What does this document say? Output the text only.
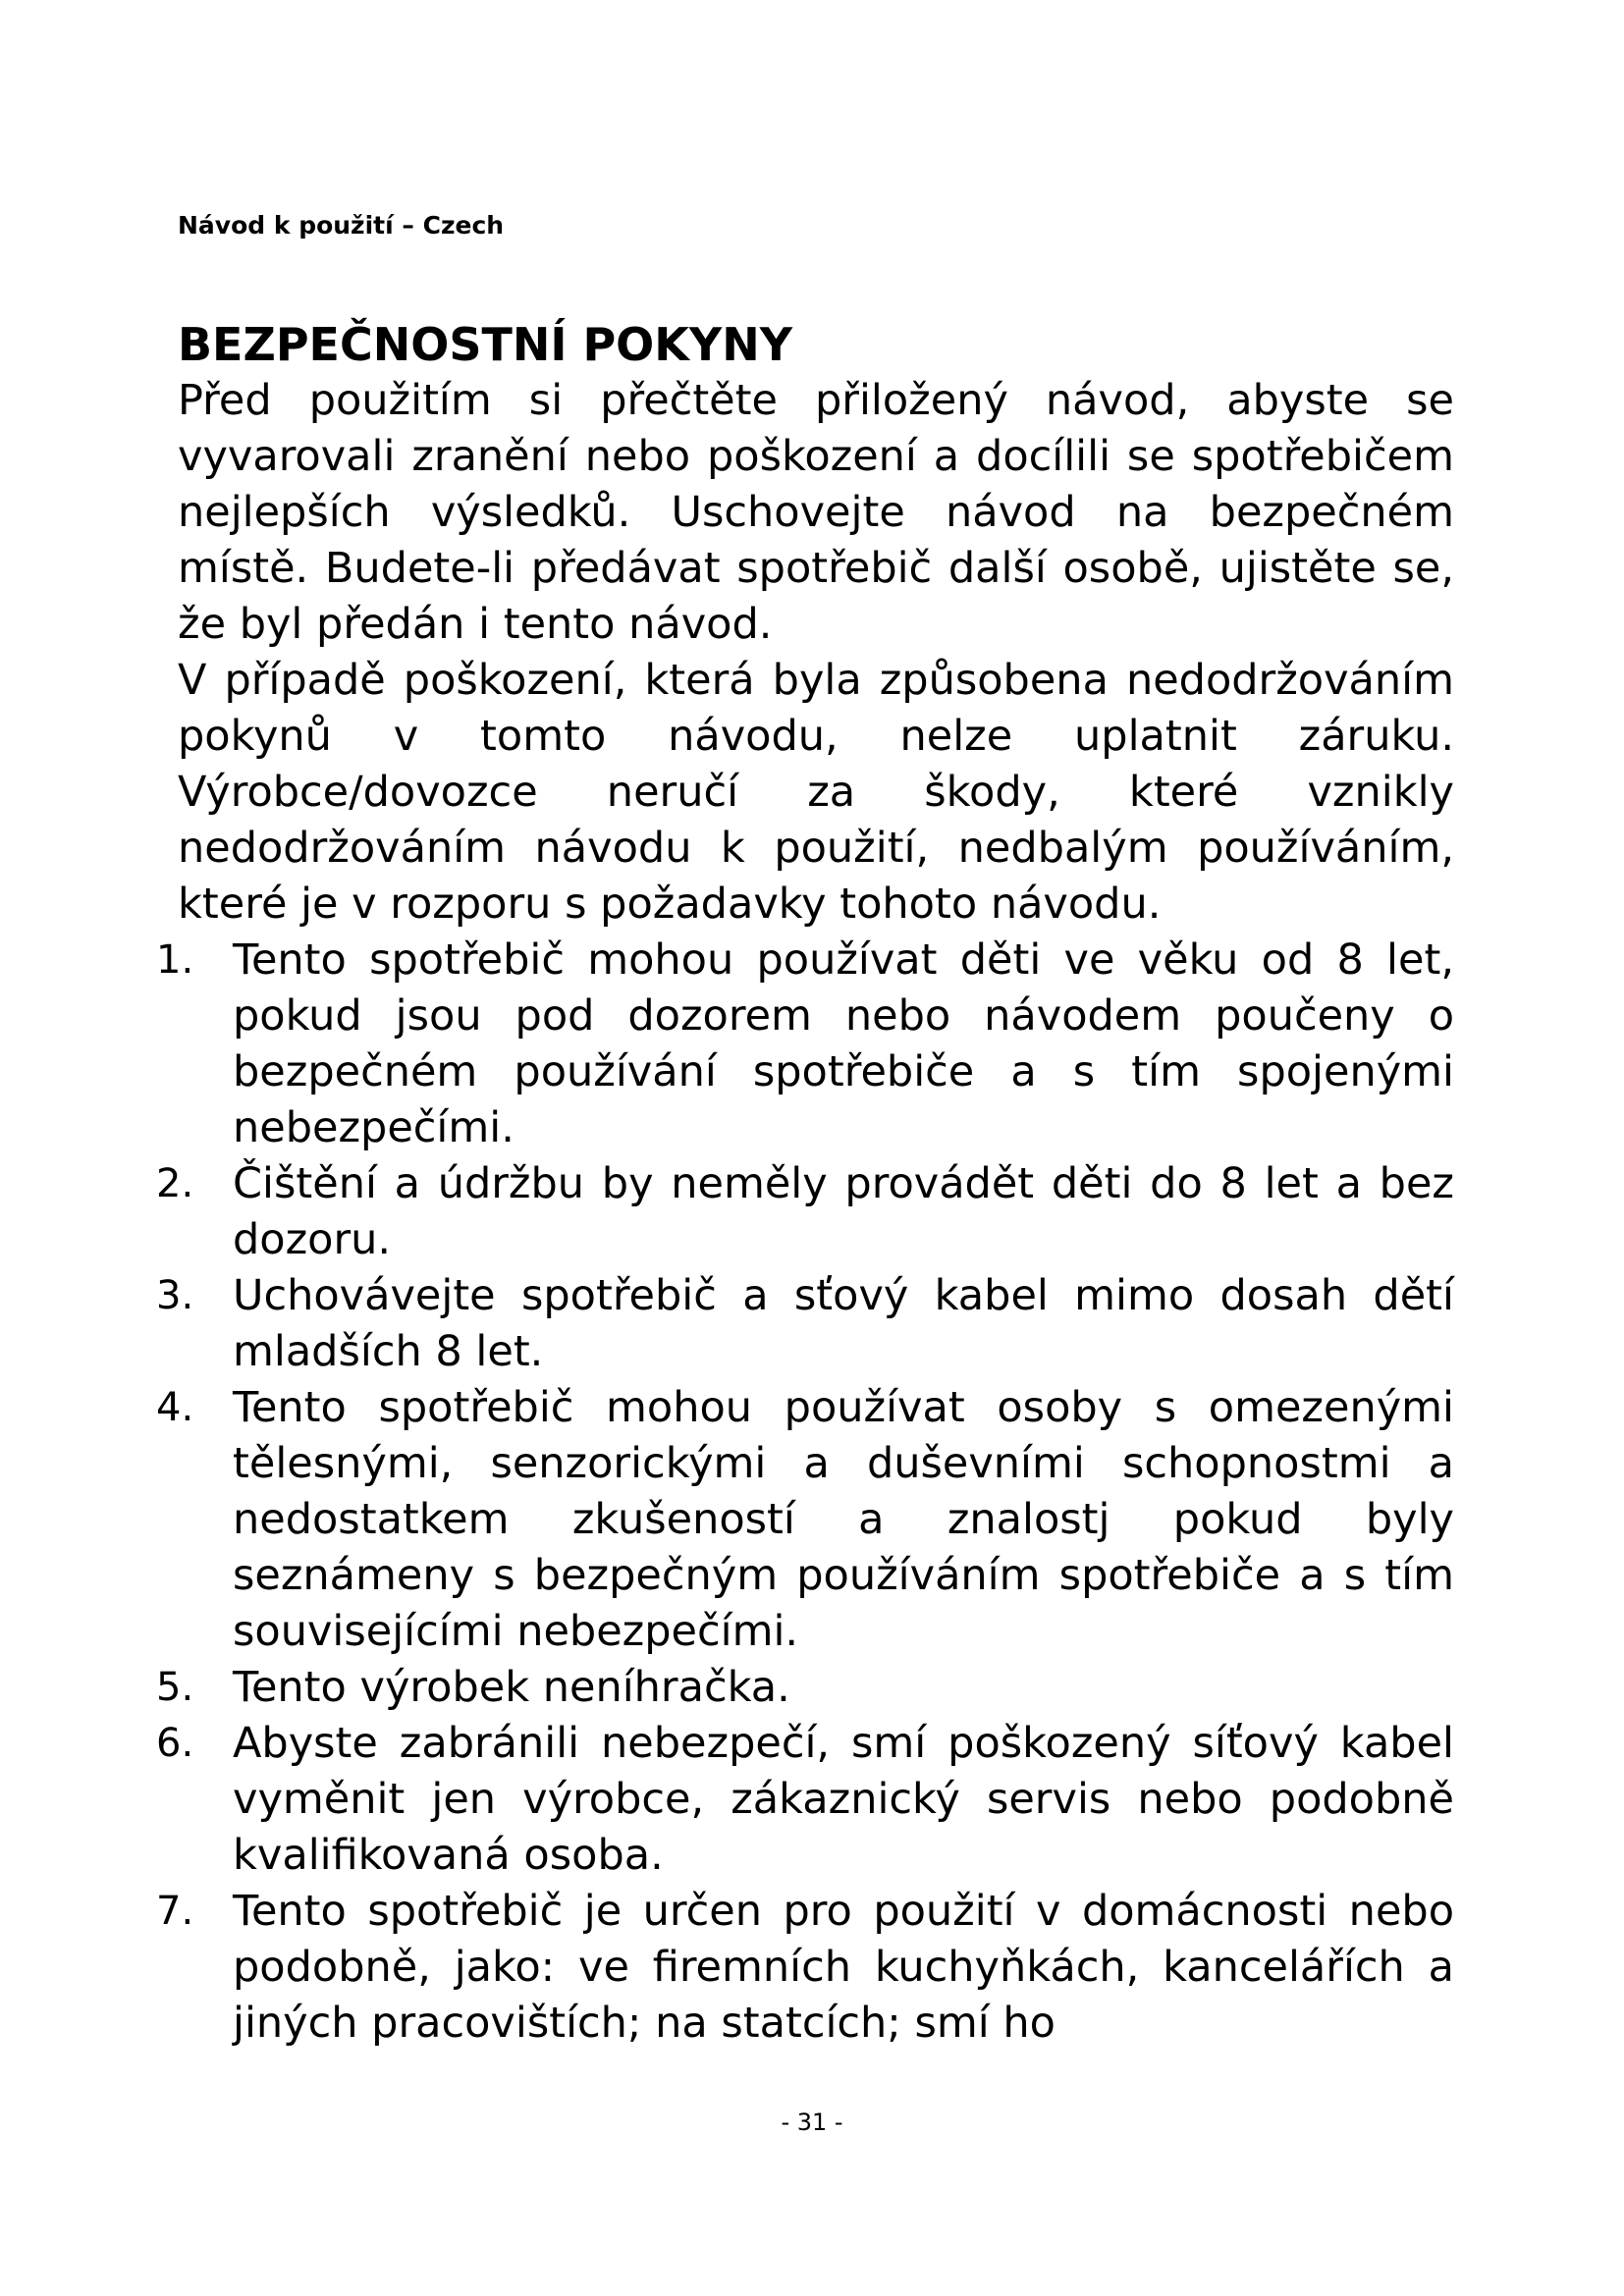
Návod k použití – Czech
BEZPEČNOSTNÍ POKYNY

Před použitím si přečtěte přiložený návod, abyste se vyvarovali zranění nebo poškození a docílili se spotřebičem nejlepších výsledků. Uschovejte návod na bezpečném místě. Budete-li předávat spotřebič další osobě, ujistěte se, že byl předán i tento návod.

V případě poškození, která byla způsobena nedodržováním pokynů v tomto návodu, nelze uplatnit záruku. Výrobce/dovozce neručí za škody, které vznikly nedodržováním návodu k použití, nedbalým používáním, které je v rozporu s požadavky tohoto návodu.

1. Tento spotřebič mohou používat děti ve věku od 8 let, pokud jsou pod dozorem nebo návodem poučeny o bezpečném používání spotřebiče a s tím spojenými nebezpečími.
2. Čištění a údržbu by neměly provádět děti do 8 let a bez dozoru.
3. Uchovávejte spotřebič a sťový kabel mimo dosah dětí mladších 8 let.
4. Tento spotřebič mohou používat osoby s omezenými tělesnými, senzorickými a duševními schopnostmi a nedostatkem zkušeností a znalostj pokud byly seznámeny s bezpečným používáním spotřebiče a s tím souvisejícími nebezpečími.
5. Tento výrobek neníhračka.
6. Abyste zabránili nebezpečí, smí poškozený síťový kabel vyměnit jen výrobce, zákaznický servis nebo podobně kvalifikovaná osoba.
7. Tento spotřebič je určen pro použití v domácnosti nebo podobně, jako: ve firemních kuchyňkách, kancelářích a jiných pracovištích; na statcích; smí ho
- 31 -
